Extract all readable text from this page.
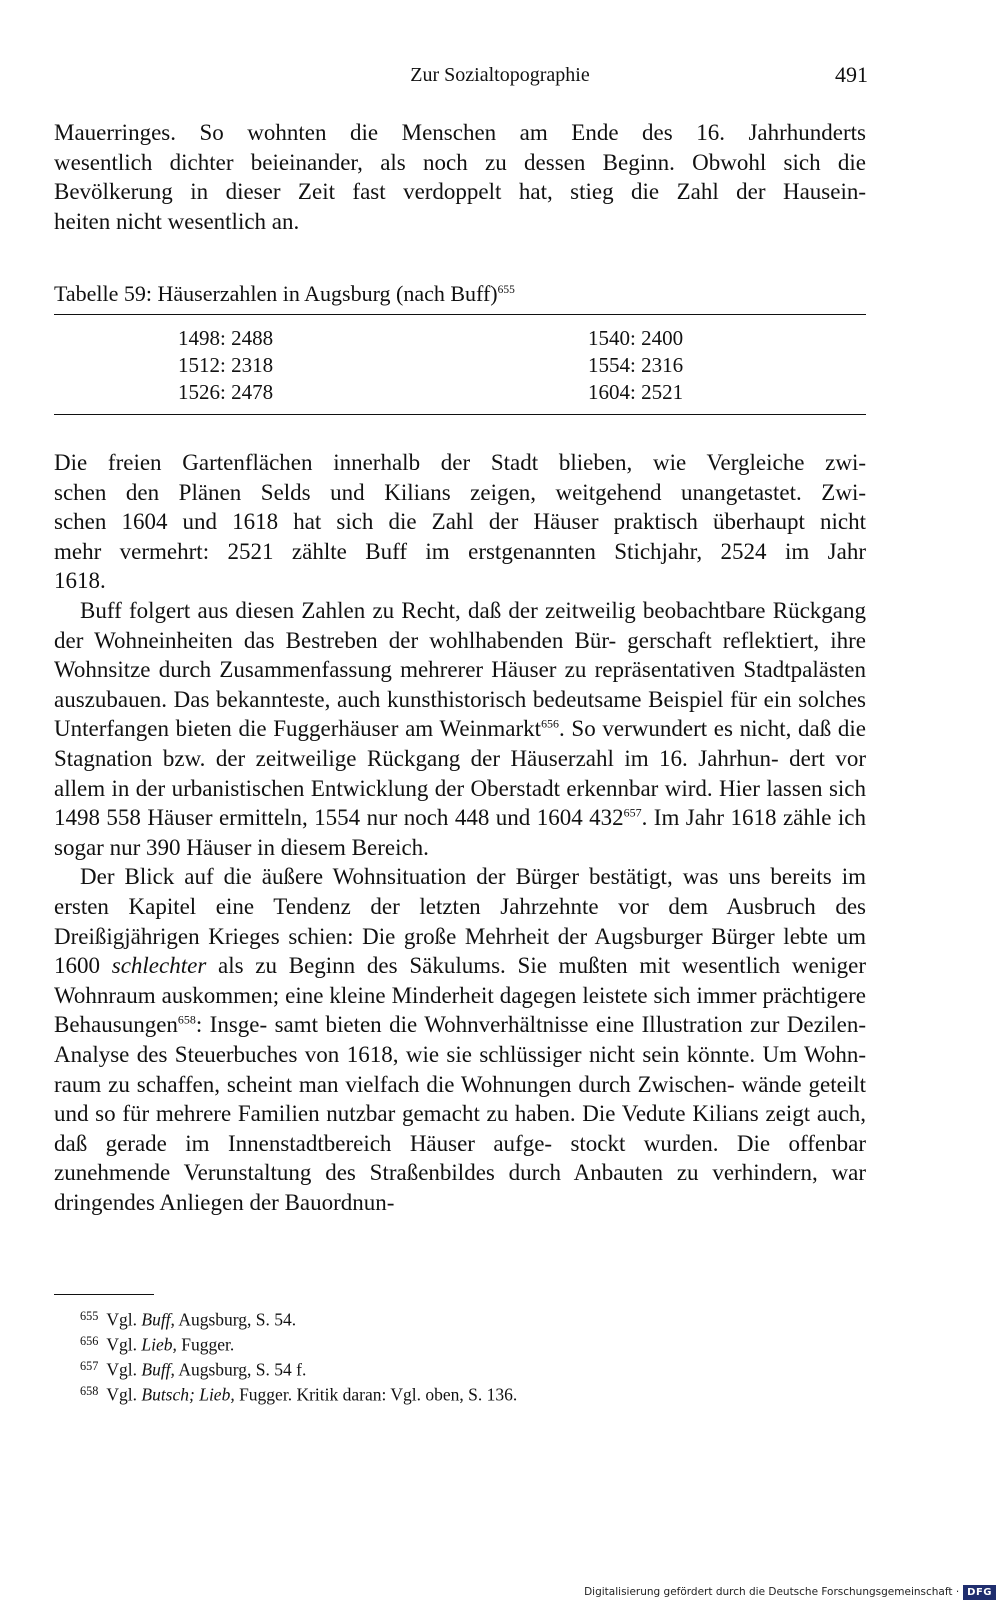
Zur Sozialtopographie	491

Mauerringes. So wohnten die Menschen am Ende des 16. Jahrhunderts

wesentlich dichter beieinander, als noch zu dessen Beginn. Obwohl sich die

Bevölkerung in dieser Zeit fast verdoppelt hat, stieg die Zahl der Hausein-

heiten nicht wesentlich an.

Tabelle 59: Häuserzahlen in Augsburg (nach Buff)$^{655}$
1498: 2488	1540: 2400
1512: 2318	1554: 2316
1526: 2478	1604: 2521

Die freien Gartenflächen innerhalb der Stadt blieben, wie Vergleiche zwi-

schen den Plänen Selds und Kilians zeigen, weitgehend unangetastet. Zwi-

schen 1604 und 1618 hat sich die Zahl der Häuser praktisch überhaupt nicht

mehr vermehrt: 2521 zählte Buff im erstgenannten Stichjahr, 2524 im Jahr

1618.

Buff folgert aus diesen Zahlen zu Recht, daß der zeitweilig beobachtbare Rückgang der Wohneinheiten das Bestreben der wohlhabenden Bür- gerschaft reflektiert, ihre Wohnsitze durch Zusammenfassung mehrerer Häuser zu repräsentativen Stadtpalästen auszubauen. Das bekannteste, auch kunsthistorisch bedeutsame Beispiel für ein solches Unterfangen bieten die Fuggerhäuser am Weinmarkt$^{656}$. So verwundert es nicht, daß die Stagnation bzw. der zeitweilige Rückgang der Häuserzahl im 16. Jahrhun- dert vor allem in der urbanistischen Entwicklung der Oberstadt erkennbar wird. Hier lassen sich 1498 558 Häuser ermitteln, 1554 nur noch 448 und 1604 $432^{657}$. Im Jahr 1618 zähle ich sogar nur 390 Häuser in diesem Bereich.

Der Blick auf die äußere Wohnsituation der Bürger bestätigt, was uns bereits im ersten Kapitel eine Tendenz der letzten Jahrzehnte vor dem Ausbruch des Dreißigjährigen Krieges schien: Die große Mehrheit der Augsburger Bürger lebte um 1600 schlechter als zu Beginn des Säkulums. Sie mußten mit wesentlich weniger Wohnraum auskommen; eine kleine Minderheit dagegen leistete sich immer prächtigere Behausungen$^{658}$: Insge- samt bieten die Wohnverhältnisse eine Illustration zur Dezilen-Analyse des Steuerbuches von 1618, wie sie schlüssiger nicht sein könnte. Um Wohn- raum zu schaffen, scheint man vielfach die Wohnungen durch Zwischen- wände geteilt und so für mehrere Familien nutzbar gemacht zu haben. Die Vedute Kilians zeigt auch, daß gerade im Innenstadtbereich Häuser aufge- stockt wurden. Die offenbar zunehmende Verunstaltung des Straßenbildes durch Anbauten zu verhindern, war dringendes Anliegen der Bauordnun-

$^{655}$ Vgl. Buff, Augsburg, S. 54.
$^{656}$ Vgl. Lieb, Fugger.
$^{657}$ Vgl. Buff, Augsburg, S. 54 f.
$^{658}$ Vgl. Butsch; Lieb, Fugger. Kritik daran: Vgl. oben, S. 136.
Digitalisierung gefördert durch die Deutsche Forschungsgemeinschaft · DFG
